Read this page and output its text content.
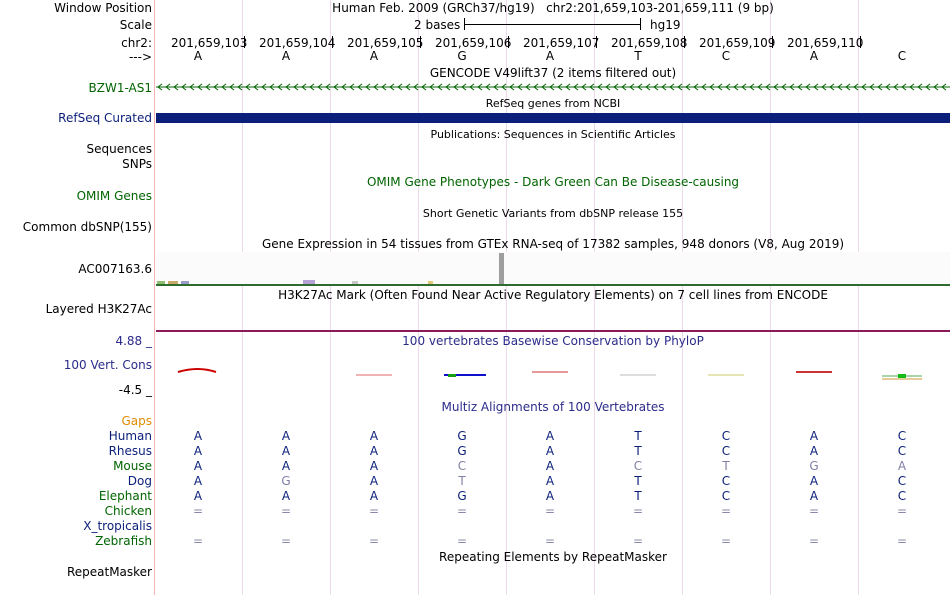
Window Position	Human Feb. 2009 (GRCh37/hg19)   chr2:201,659,103-201,659,111 (9 bp)
Scale	2 bases	hg19
chr2: 201,659,103 201,659,104 201,659,105 201,659,106 201,659,107 201,659,108 201,659,109 201,659,110
--->	A	A	A	G	A	T	C	A	C
GENCODE V49lift37 (2 items filtered out)
BZW1-AS1
RefSeq genes from NCBI
RefSeq Curated
Publications: Sequences in Scientific Articles
Sequences
SNPs
OMIM Gene Phenotypes - Dark Green Can Be Disease-causing
OMIM Genes
Short Genetic Variants from dbSNP release 155
Common dbSNP(155)
Gene Expression in 54 tissues from GTEx RNA-seq of 17382 samples, 948 donors (V8, Aug 2019)
AC007163.6
H3K27Ac Mark (Often Found Near Active Regulatory Elements) on 7 cell lines from ENCODE
Layered H3K27Ac
100 vertebrates Basewise Conservation by PhyloP
4.88 _
100 Vert. Cons
-4.5 _
Multiz Alignments of 100 Vertebrates
Gaps
Human	A	A	A	G	A	T	C	A	C
Rhesus	A	A	A	G	A	T	C	A	C
Mouse	A	A	A	C	A	C	T	G	A
Dog	A	G	A	T	A	T	C	A	C
Elephant	A	A	A	G	A	T	C	A	C
Chicken	=	=	=	=	=	=	=	=	=
X_tropicalis
Zebrafish	=	=	=	=	=	=	=	=	=
Repeating Elements by RepeatMasker
RepeatMasker
